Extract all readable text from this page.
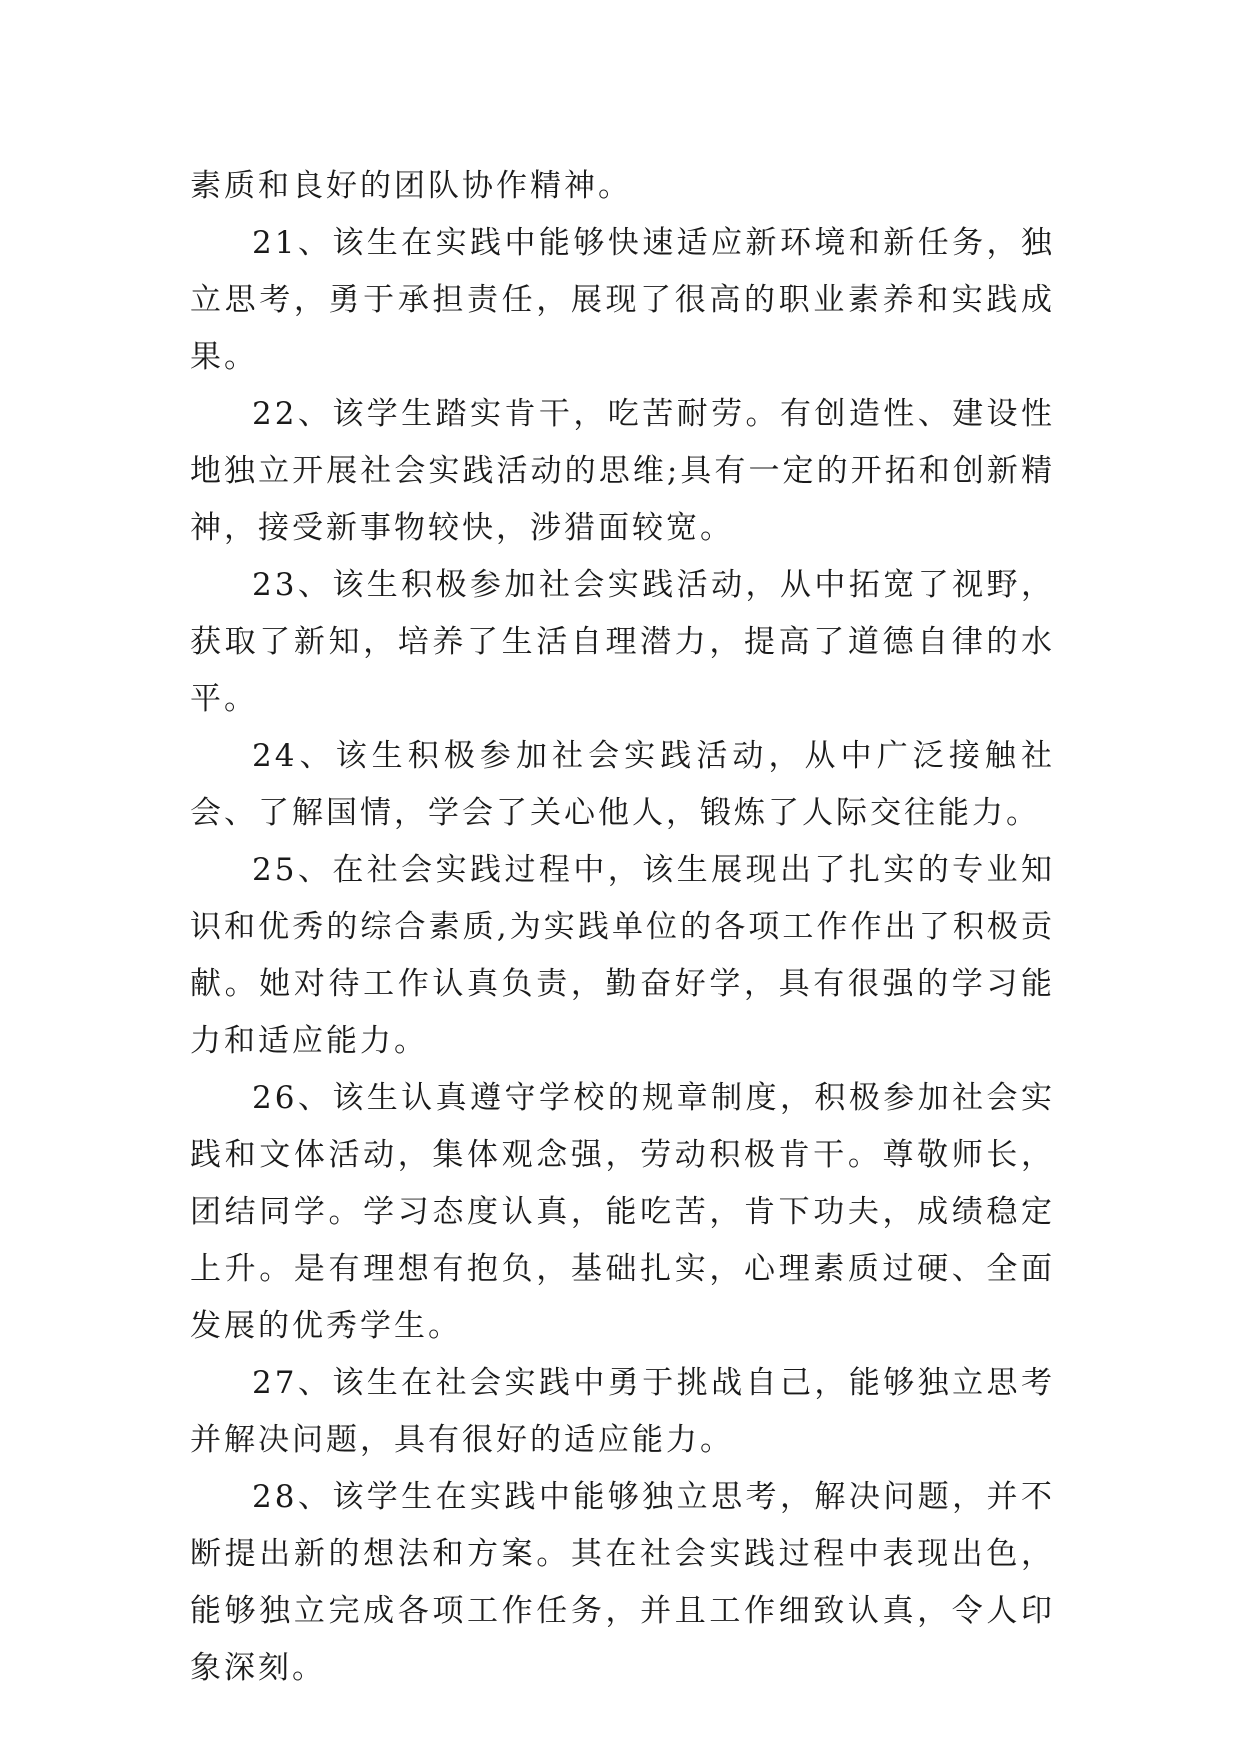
素质和良好的团队协作精神。

21、该生在实践中能够快速适应新环境和新任务，独立思考，勇于承担责任，展现了很高的职业素养和实践成果。

22、该学生踏实肯干，吃苦耐劳。有创造性、建设性地独立开展社会实践活动的思维;具有一定的开拓和创新精神，接受新事物较快，涉猎面较宽。

23、该生积极参加社会实践活动，从中拓宽了视野，获取了新知，培养了生活自理潜力，提高了道德自律的水平。

24、该生积极参加社会实践活动，从中广泛接触社会、了解国情，学会了关心他人，锻炼了人际交往能力。

25、在社会实践过程中，该生展现出了扎实的专业知识和优秀的综合素质,为实践单位的各项工作作出了积极贡献。她对待工作认真负责，勤奋好学，具有很强的学习能力和适应能力。

26、该生认真遵守学校的规章制度，积极参加社会实践和文体活动，集体观念强，劳动积极肯干。尊敬师长，团结同学。学习态度认真，能吃苦，肯下功夫，成绩稳定上升。是有理想有抱负，基础扎实，心理素质过硬、全面发展的优秀学生。

27、该生在社会实践中勇于挑战自己，能够独立思考并解决问题，具有很好的适应能力。

28、该学生在实践中能够独立思考，解决问题，并不断提出新的想法和方案。其在社会实践过程中表现出色，能够独立完成各项工作任务，并且工作细致认真，令人印象深刻。
